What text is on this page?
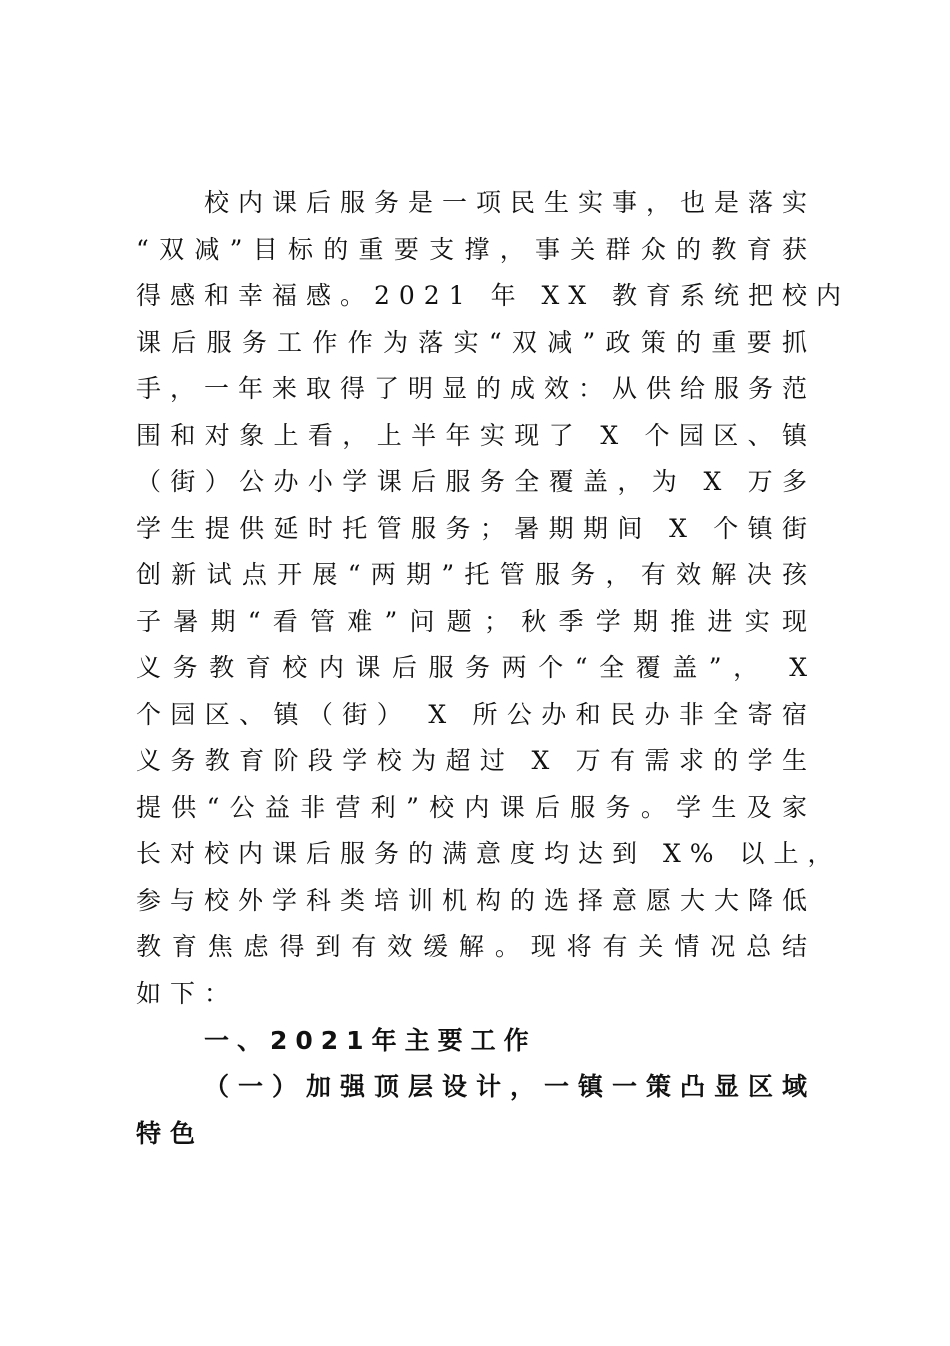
校内课后服务是一项民生实事，也是落实
“双减”目标的重要支撑，事关群众的教育获
得感和幸福感。2021 年 XX 教育系统把校内
课后服务工作作为落实“双减”政策的重要抓
手，一年来取得了明显的成效：从供给服务范
围和对象上看，上半年实现了 X 个园区、镇
（街）公办小学课后服务全覆盖，为 X 万多
学生提供延时托管服务；暑期期间 X 个镇街
创新试点开展“两期”托管服务，有效解决孩
子暑期“看管难”问题；秋季学期推进实现
义务教育校内课后服务两个“全覆盖”， X
个园区、镇（街） X 所公办和民办非全寄宿
义务教育阶段学校为超过 X 万有需求的学生
提供“公益非营利”校内课后服务。学生及家
长对校内课后服务的满意度均达到 X% 以上，
参与校外学科类培训机构的选择意愿大大降低
教育焦虑得到有效缓解。现将有关情况总结
如下：
一、2021年主要工作
（一）加强顶层设计，一镇一策凸显区域
特色
